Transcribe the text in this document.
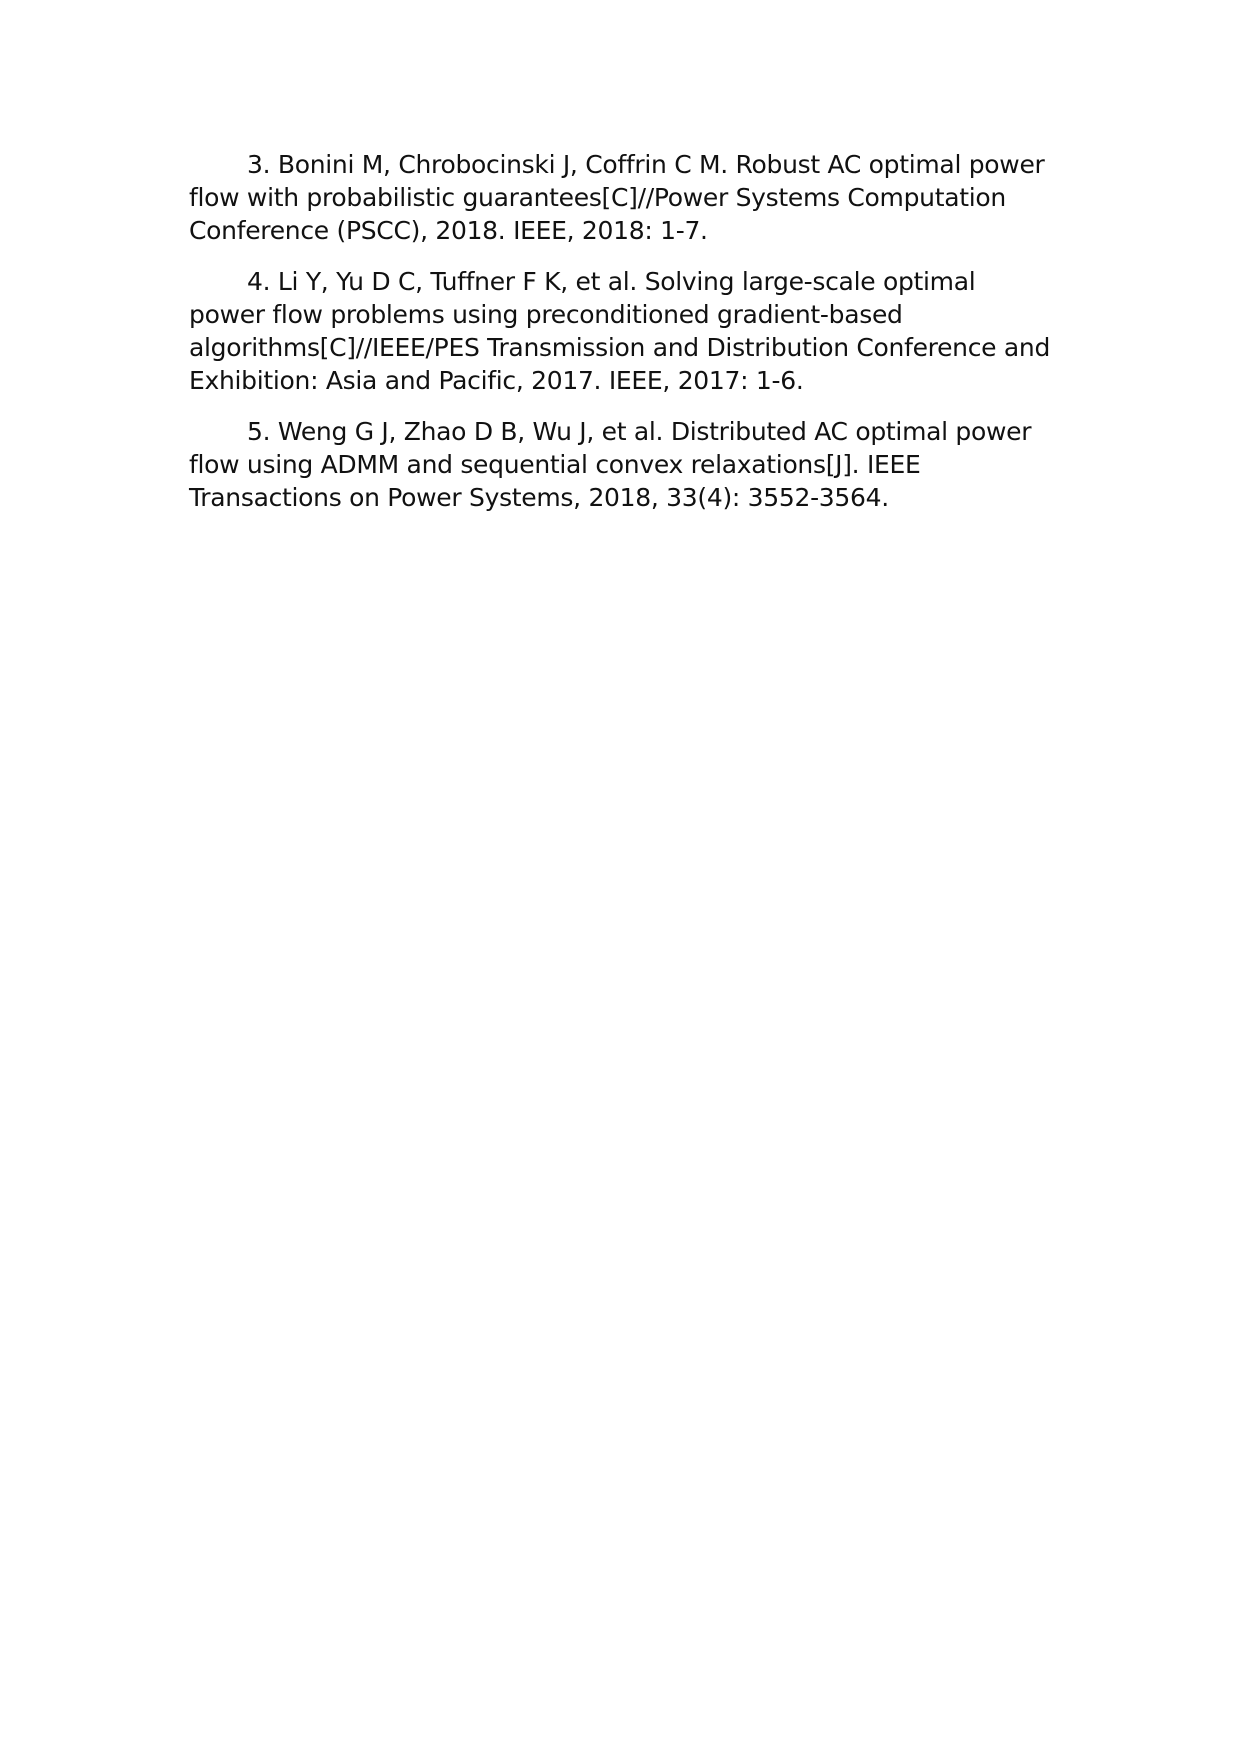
3. Bonini M, Chrobocinski J, Coffrin C M. Robust AC optimal power
flow with probabilistic guarantees[C]//Power Systems Computation
Conference (PSCC), 2018. IEEE, 2018: 1-7.

4. Li Y, Yu D C, Tuffner F K, et al. Solving large-scale optimal
power flow problems using preconditioned gradient-based
algorithms[C]//IEEE/PES Transmission and Distribution Conference and
Exhibition: Asia and Pacific, 2017. IEEE, 2017: 1-6.

5. Weng G J, Zhao D B, Wu J, et al. Distributed AC optimal power
flow using ADMM and sequential convex relaxations[J]. IEEE
Transactions on Power Systems, 2018, 33(4): 3552-3564.
